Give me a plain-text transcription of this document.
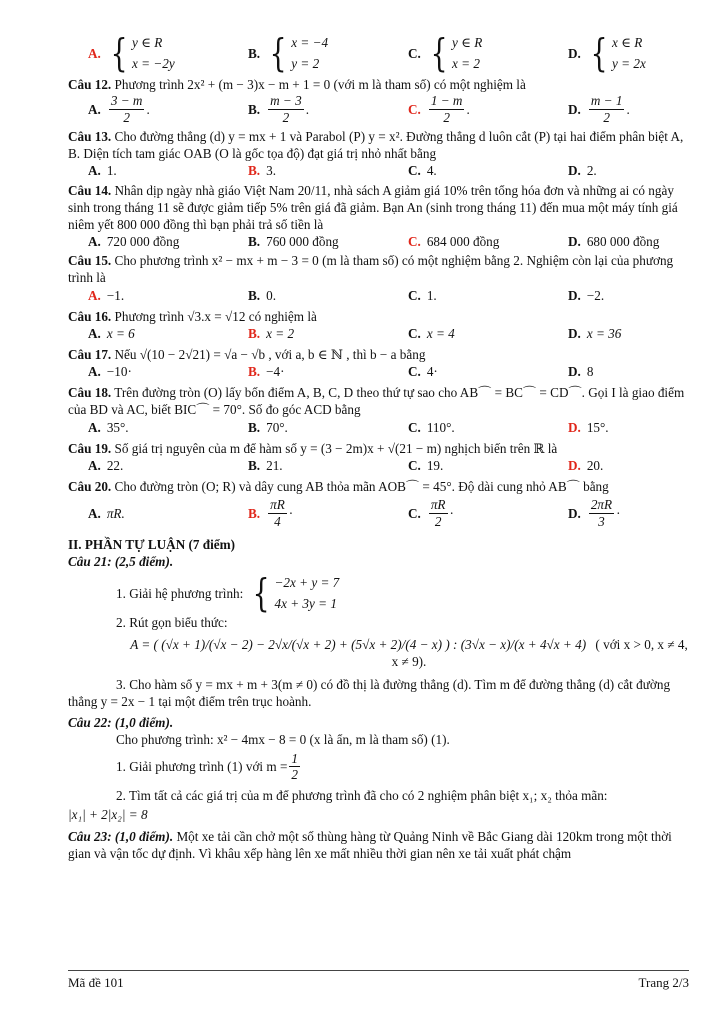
A. { y ∈ R
x = −2y
B. { x = −4
y = 2
C. { y ∈ R
x = 2
D. { x ∈ R
y = 2x
Câu 12. Phương trình 2x² + (m − 3)x − m + 1 = 0 (với m là tham số) có một nghiệm là
A. $\frac{3 - m}{2}$ .	B. $\frac{m - 3}{2}$ .	C. $\frac{1 - m}{2}$ .	D. $\frac{m - 1}{2}$ .
Câu 13. Cho đường thẳng (d) y = mx + 1 và Parabol (P) y = x². Đường thẳng d luôn cắt (P) tại hai điểm phân biệt A, B. Diện tích tam giác OAB (O là gốc tọa độ) đạt giá trị nhỏ nhất bằng
A. 1.	B. 3.	C. 4.	D. 2.
Câu 14. Nhân dịp ngày nhà giáo Việt Nam 20/11, nhà sách A giảm giá 10% trên tổng hóa đơn và những ai có ngày sinh trong tháng 11 sẽ được giảm tiếp 5% trên giá đã giảm. Bạn An (sinh trong tháng 11) đến mua một máy tính giá niêm yết 800 000 đồng thì bạn phải trả số tiền là
A. 720 000 đồng	B. 760 000 đồng	C. 684 000 đồng	D. 680 000 đồng
Câu 15. Cho phương trình x² − mx + m − 3 = 0 (m là tham số) có một nghiệm bằng 2. Nghiệm còn lại của phương trình là
A. −1.	B. 0.	C. 1.	D. −2.
Câu 16. Phương trình √3.x = √12 có nghiệm là
A. x = 6	B. x = 2	C. x = 4	D. x = 36
Câu 17. Nếu √(10 − 2√21) = √a − √b , với a, b ∈ ℕ , thì b − a bằng
A. −10·	B. −4·	C. 4·	D. 8
Câu 18. Trên đường tròn (O) lấy bốn điểm A, B, C, D theo thứ tự sao cho AB⌒ = BC⌒ = CD⌒. Gọi I là giao điểm của BD và AC, biết BIC⌒ = 70°. Số đo góc ACD bằng
A. 35°.	B. 70°.	C. 110°.	D. 15°.
Câu 19. Số giá trị nguyên của m để hàm số y = (3 − 2m)x + √(21 − m) nghịch biến trên ℝ là
A. 22.	B. 21.	C. 19.	D. 20.
Câu 20. Cho đường tròn (O; R) và dây cung AB thỏa mãn AOB⌒ = 45°. Độ dài cung nhỏ AB⌒ bằng
A. πR.	B. $\frac{\pi R}{4}$ ·	C. $\frac{\pi R}{2}$ ·	D. $\frac{2\pi R}{3}$ ·
II. PHẦN TỰ LUẬN (7 điểm)
Câu 21: (2,5 điểm).
1. Giải hệ phương trình: { −2x + y = 7
4x + 3y = 1
2. Rút gọn biểu thức:
A = ( (√x + 1)/(√x − 2) − 2√x/(√x + 2) + (5√x + 2)/(4 − x) ) : (3√x − x)/(x + 4√x + 4) ( với x > 0, x ≠ 4, x ≠ 9).
3. Cho hàm số y = mx + m + 3(m ≠ 0) có đồ thị là đường thẳng (d). Tìm m để đường thẳng (d) cắt đường thẳng y = 2x − 1 tại một điểm trên trục hoành.
Câu 22: (1,0 điểm).
Cho phương trình: x² − 4mx − 8 = 0 (x là ẩn, m là tham số) (1).
1. Giải phương trình (1) với $m = \frac{1}{2}$
2. Tìm tất cả các giá trị của m để phương trình đã cho có 2 nghiệm phân biệt x₁; x₂ thỏa mãn:
|x₁| + 2|x₂| = 8
Câu 23: (1,0 điểm). Một xe tải cần chở một số thùng hàng từ Quảng Ninh về Bắc Giang dài 120km trong một thời gian và vận tốc dự định. Vì khâu xếp hàng lên xe mất nhiều thời gian nên xe tải xuất phát chậm
Mã đề 101	Trang 2/3
